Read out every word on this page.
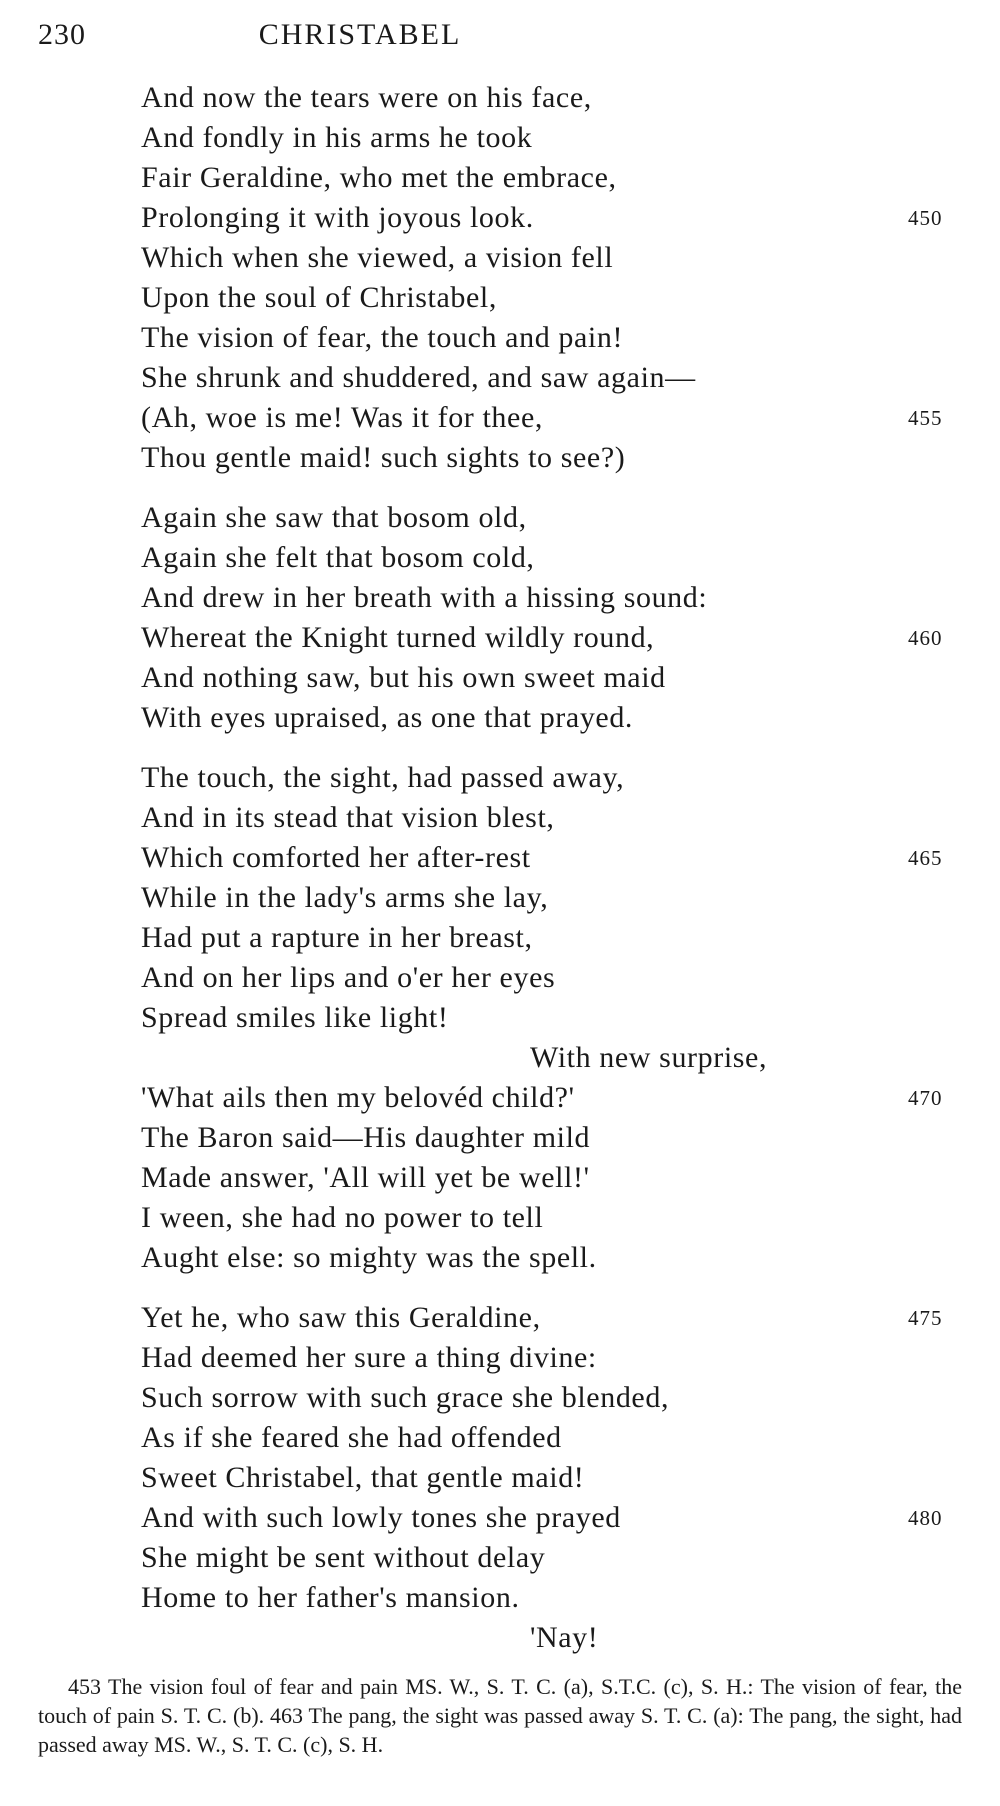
230	CHRISTABEL
And now the tears were on his face,
And fondly in his arms he took
Fair Geraldine, who met the embrace,
Prolonging it with joyous look.	450
Which when she viewed, a vision fell
Upon the soul of Christabel,
The vision of fear, the touch and pain!
She shrunk and shuddered, and saw again—
(Ah, woe is me! Was it for thee,	455
Thou gentle maid! such sights to see?)
Again she saw that bosom old,
Again she felt that bosom cold,
And drew in her breath with a hissing sound:
Whereat the Knight turned wildly round,	460
And nothing saw, but his own sweet maid
With eyes upraised, as one that prayed.
The touch, the sight, had passed away,
And in its stead that vision blest,
Which comforted her after-rest	465
While in the lady's arms she lay,
Had put a rapture in her breast,
And on her lips and o'er her eyes
Spread smiles like light!
With new surprise,
'What ails then my belovéd child?'	470
The Baron said—His daughter mild
Made answer, 'All will yet be well!'
I ween, she had no power to tell
Aught else: so mighty was the spell.
Yet he, who saw this Geraldine,	475
Had deemed her sure a thing divine:
Such sorrow with such grace she blended,
As if she feared she had offended
Sweet Christabel, that gentle maid!
And with such lowly tones she prayed	480
She might be sent without delay
Home to her father's mansion.
'Nay!

453 The vision foul of fear and pain MS. W., S. T. C. (a), S.T.C. (c), S. H.: The vision of fear, the touch of pain S. T. C. (b). 463 The pang, the sight was passed away S. T. C. (a): The pang, the sight, had passed away MS. W., S. T. C. (c), S. H.
